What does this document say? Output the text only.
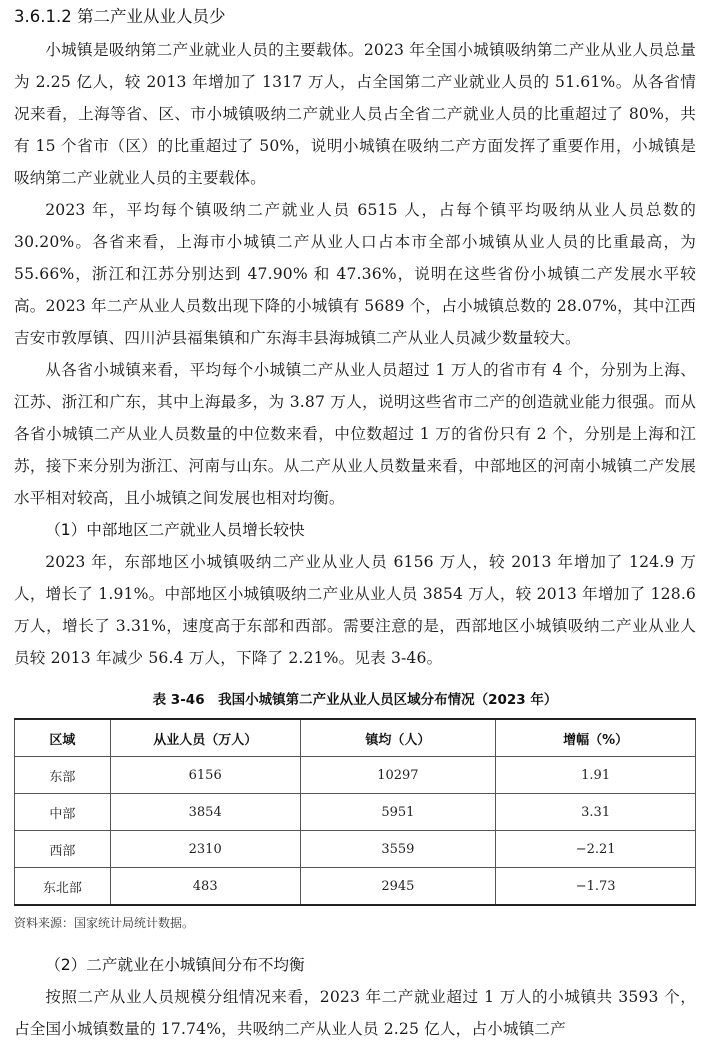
3.6.1.2 第二产业从业人员少

小城镇是吸纳第二产业就业人员的主要载体。2023 年全国小城镇吸纳第二产业从业人员总量为 2.25 亿人，较 2013 年增加了 1317 万人，占全国第二产业就业人员的 51.61%。从各省情况来看，上海等省、区、市小城镇吸纳二产就业人员占全省二产就业人员的比重超过了 80%，共有 15 个省市（区）的比重超过了 50%，说明小城镇在吸纳二产方面发挥了重要作用，小城镇是吸纳第二产业就业人员的主要载体。

2023 年，平均每个镇吸纳二产就业人员 6515 人，占每个镇平均吸纳从业人员总数的 30.20%。各省来看，上海市小城镇二产从业人口占本市全部小城镇从业人员的比重最高，为 55.66%，浙江和江苏分别达到 47.90% 和 47.36%，说明在这些省份小城镇二产发展水平较高。2023 年二产从业人员数出现下降的小城镇有 5689 个，占小城镇总数的 28.07%，其中江西吉安市敦厚镇、四川泸县福集镇和广东海丰县海城镇二产从业人员减少数量较大。

从各省小城镇来看，平均每个小城镇二产从业人员超过 1 万人的省市有 4 个，分别为上海、江苏、浙江和广东，其中上海最多，为 3.87 万人，说明这些省市二产的创造就业能力很强。而从各省小城镇二产从业人员数量的中位数来看，中位数超过 1 万的省份只有 2 个，分别是上海和江苏，接下来分别为浙江、河南与山东。从二产从业人员数量来看，中部地区的河南小城镇二产发展水平相对较高，且小城镇之间发展也相对均衡。

（1）中部地区二产就业人员增长较快

2023 年，东部地区小城镇吸纳二产业从业人员 6156 万人，较 2013 年增加了 124.9 万人，增长了 1.91%。中部地区小城镇吸纳二产业从业人员 3854 万人，较 2013 年增加了 128.6 万人，增长了 3.31%，速度高于东部和西部。需要注意的是，西部地区小城镇吸纳二产业从业人员较 2013 年减少 56.4 万人，下降了 2.21%。见表 3-46。

表 3-46　我国小城镇第二产业从业人员区域分布情况（2023 年）
区域	从业人员（万人）	镇均（人）	增幅（%）
东部	6156	10297	1.91
中部	3854	5951	3.31
西部	2310	3559	−2.21
东北部	483	2945	−1.73
资料来源：国家统计局统计数据。
（2）二产就业在小城镇间分布不均衡

按照二产从业人员规模分组情况来看，2023 年二产就业超过 1 万人的小城镇共 3593 个，占全国小城镇数量的 17.74%，共吸纳二产从业人员 2.25 亿人，占小城镇二产
